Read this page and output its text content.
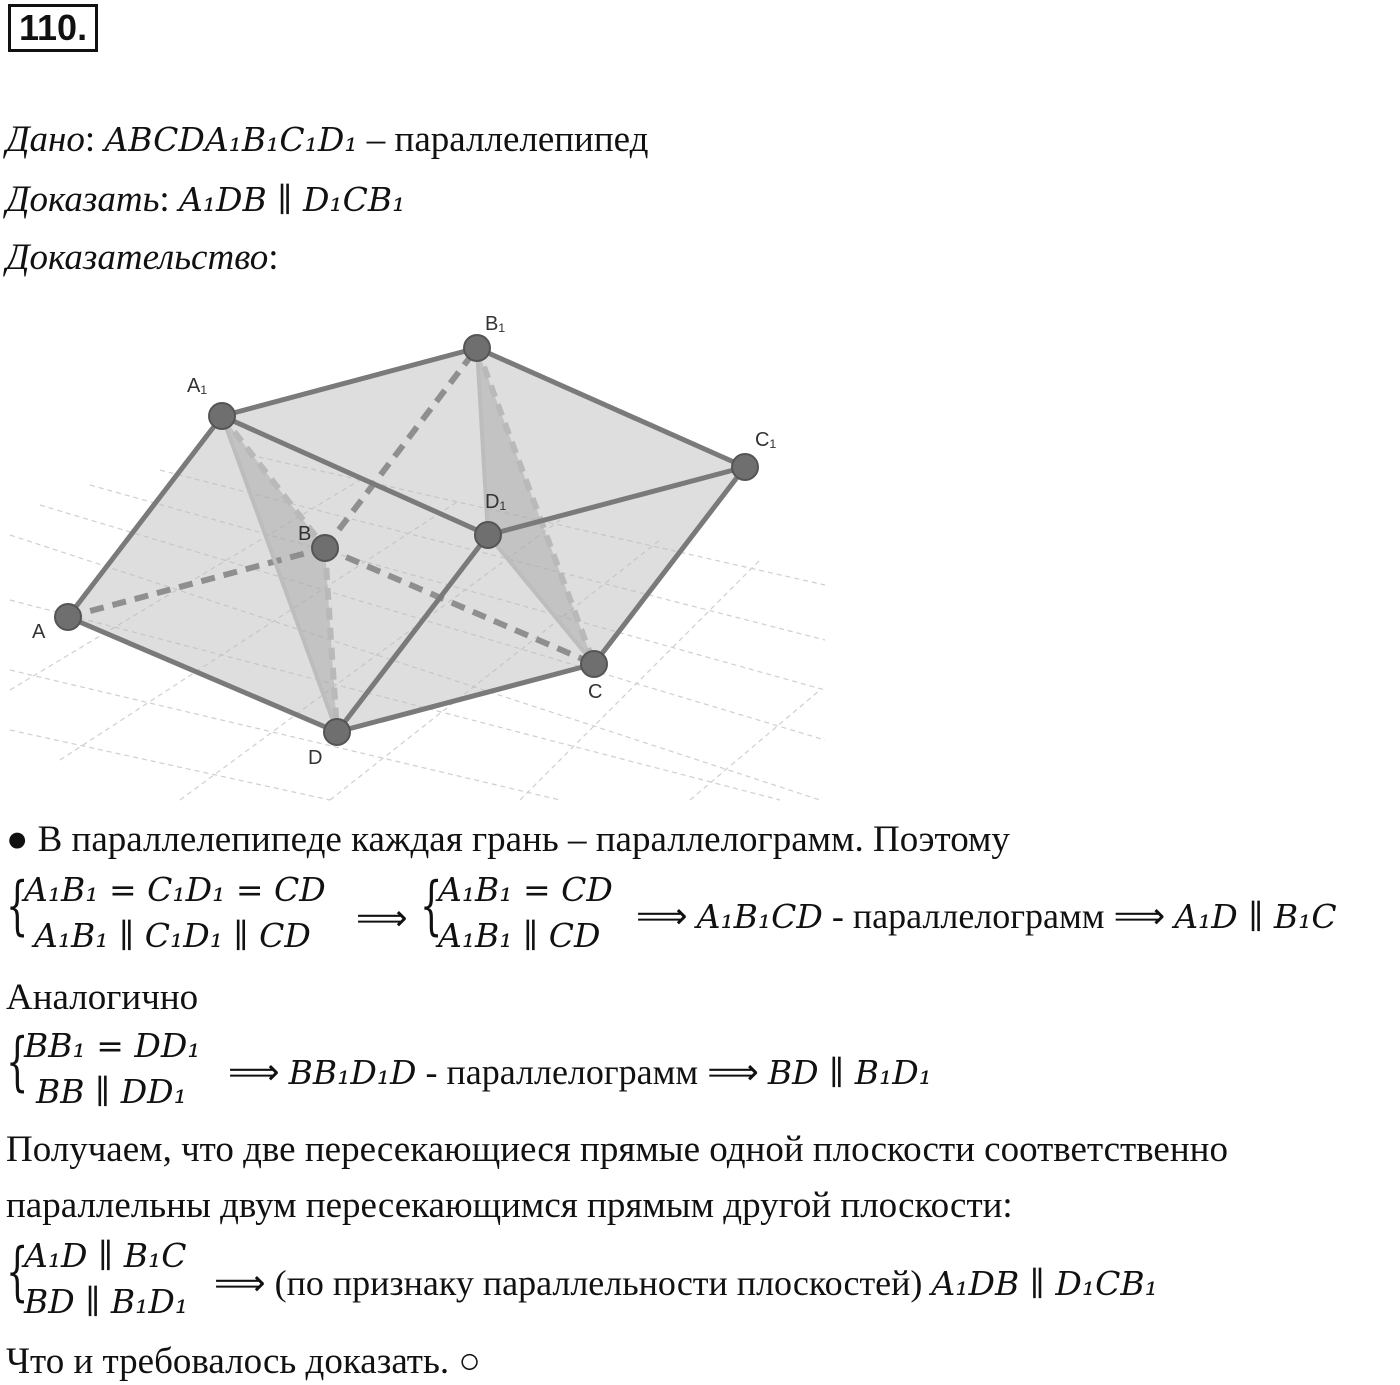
110.
Дано: ABCDA₁B₁C₁D₁ – параллелепипед
Доказать: A₁DB ∥ D₁CB₁
Доказательство:
A
B
C
D
A₁
B₁
C₁
D₁
● В параллелепипеде каждая грань – параллелограмм. Поэтому
{
A₁B₁ = C₁D₁ = CD
A₁B₁ ∥ C₁D₁ ∥ CD ⟹ {
A₁B₁ = CD
A₁B₁ ∥ CD ⟹ A₁B₁CD - параллелограмм ⟹ A₁D ∥ B₁C
Аналогично
{
BB₁ = DD₁
BB ∥ DD₁ ⟹ BB₁D₁D - параллелограмм ⟹ BD ∥ B₁D₁
Получаем, что две пересекающиеся прямые одной плоскости соответственно
параллельны двум пересекающимся прямым другой плоскости:
{
A₁D ∥ B₁C
BD ∥ B₁D₁ ⟹ (по признаку параллельности плоскостей) A₁DB ∥ D₁CB₁
Что и требовалось доказать. ○
